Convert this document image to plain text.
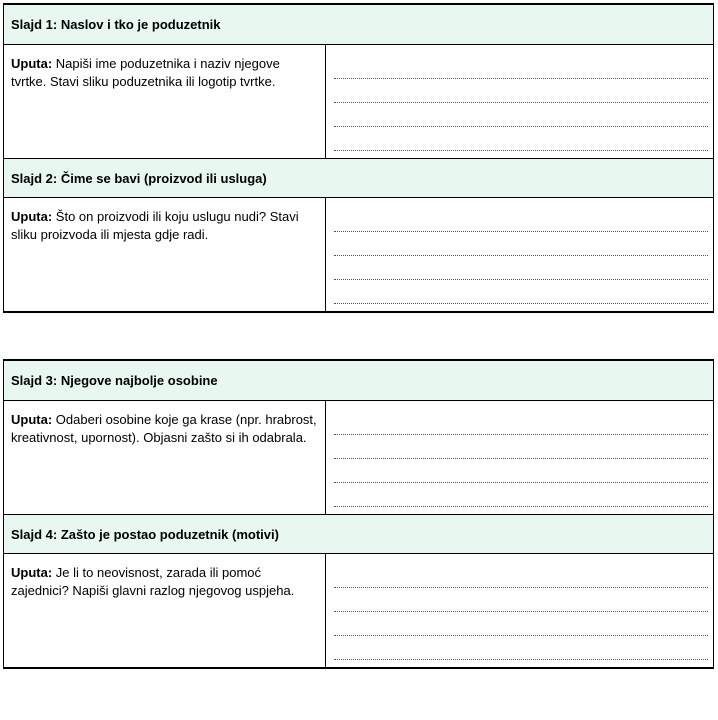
Slajd 1: Naslov i tko je poduzetnik
Uputa: Napiši ime poduzetnika i naziv njegove tvrtke. Stavi sliku poduzetnika ili logotip tvrtke.
Slajd 2: Čime se bavi (proizvod ili usluga)
Uputa: Što on proizvodi ili koju uslugu nudi? Stavi sliku proizvoda ili mjesta gdje radi.
Slajd 3: Njegove najbolje osobine
Uputa: Odaberi osobine koje ga krase (npr. hrabrost, kreativnost, upornost). Objasni zašto si ih odabrala.
Slajd 4: Zašto je postao poduzetnik (motivi)
Uputa: Je li to neovisnost, zarada ili pomoć zajednici? Napiši glavni razlog njegovog uspjeha.
